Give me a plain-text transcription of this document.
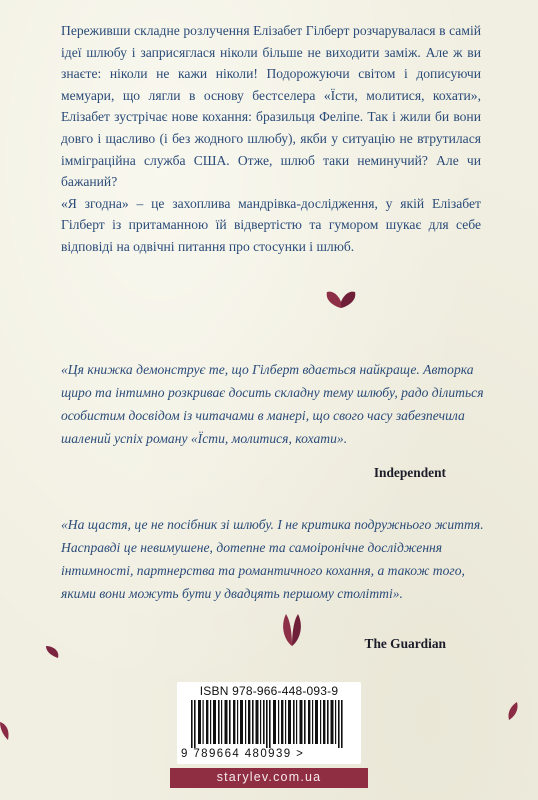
Переживши складне розлучення Елізабет Гілберт розчарувалася в самій ідеї шлюбу і заприсяглася ніколи більше не виходити заміж. Але ж ви знаєте: ніколи не кажи ніколи! Подорожуючи світом і дописуючи мемуари, що лягли в основу бестселера «Їсти, молитися, кохати», Елізабет зустрічає нове кохання: бразильця Феліпе. Так і жили би вони довго і щасливо (і без жодного шлюбу), якби у ситуацію не втрутилася імміграційна служба США. Отже, шлюб таки неминучий? Але чи бажаний?

«Я згодна» – це захоплива мандрівка-дослідження, у якій Елізабет Гілберт із притаманною їй відвертістю та гумором шукає для себе відповіді на одвічні питання про стосунки і шлюб.

«Ця книжка демонструє те, що Гілберт вдається найкраще. Авторка щиро та інтимно розкриває досить складну тему шлюбу, радо ділиться особистим досвідом із читачами в манері, що свого часу забезпечила шалений успіх роману «Їсти, молитися, кохати».

Independent

«На щастя, це не посібник зі шлюбу. І не критика подружнього життя. Насправді це невимушене, дотепне та самоіронічне дослідження інтимності, партнерства та романтичного кохання, а також того, якими вони можуть бути у двадцять першому столітті».

The Guardian
ISBN 978-966-448-093-9
9 789664 480939 >
starylev.com.ua
